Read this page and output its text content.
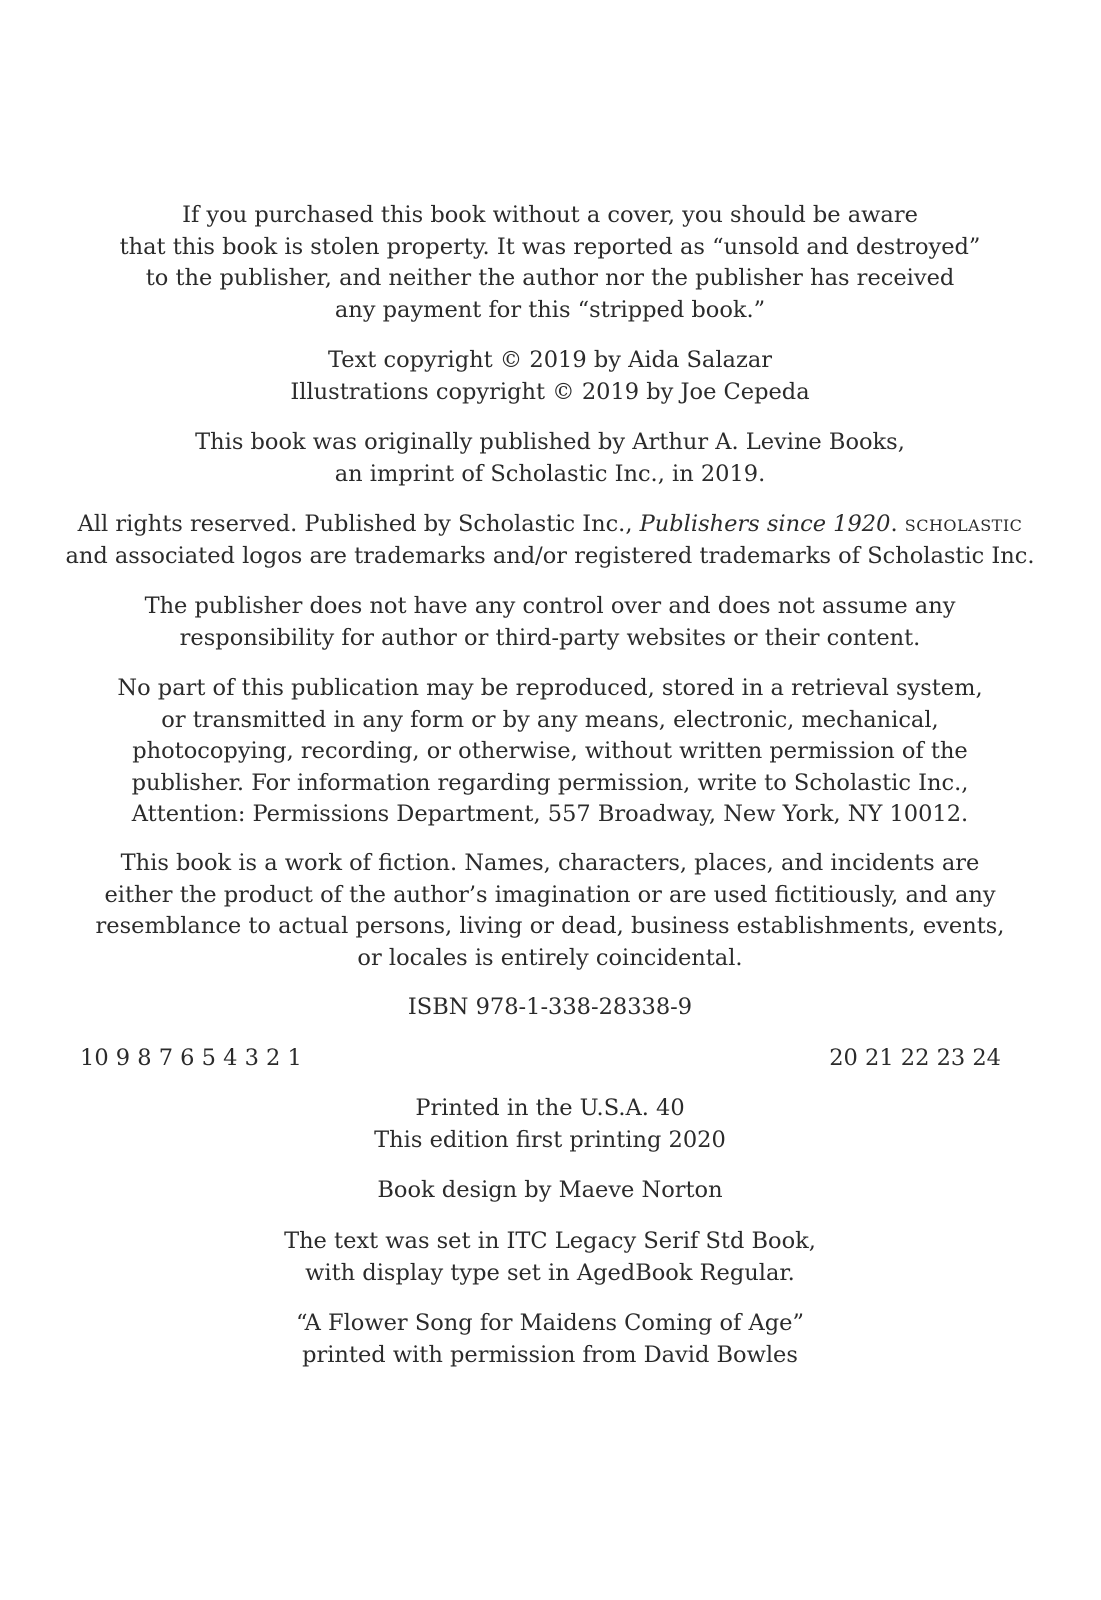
If you purchased this book without a cover, you should be aware
that this book is stolen property. It was reported as “unsold and destroyed”
to the publisher, and neither the author nor the publisher has received
any payment for this “stripped book.”
Text copyright © 2019 by Aida Salazar
Illustrations copyright © 2019 by Joe Cepeda
This book was originally published by Arthur A. Levine Books,
an imprint of Scholastic Inc., in 2019.
All rights reserved. Published by Scholastic Inc., Publishers since 1920. scholastic
and associated logos are trademarks and/or registered trademarks of Scholastic Inc.
The publisher does not have any control over and does not assume any
responsibility for author or third-party websites or their content.
No part of this publication may be reproduced, stored in a retrieval system,
or transmitted in any form or by any means, electronic, mechanical,
photocopying, recording, or otherwise, without written permission of the
publisher. For information regarding permission, write to Scholastic Inc.,
Attention: Permissions Department, 557 Broadway, New York, NY 10012.
This book is a work of fiction. Names, characters, places, and incidents are
either the product of the author’s imagination or are used fictitiously, and any
resemblance to actual persons, living or dead, business establishments, events,
or locales is entirely coincidental.
ISBN 978-1-338-28338-9
10 9 8 7 6 5 4 3 2 1	20 21 22 23 24
Printed in the U.S.A. 40
This edition first printing 2020
Book design by Maeve Norton
The text was set in ITC Legacy Serif Std Book,
with display type set in AgedBook Regular.
“A Flower Song for Maidens Coming of Age”
printed with permission from David Bowles
